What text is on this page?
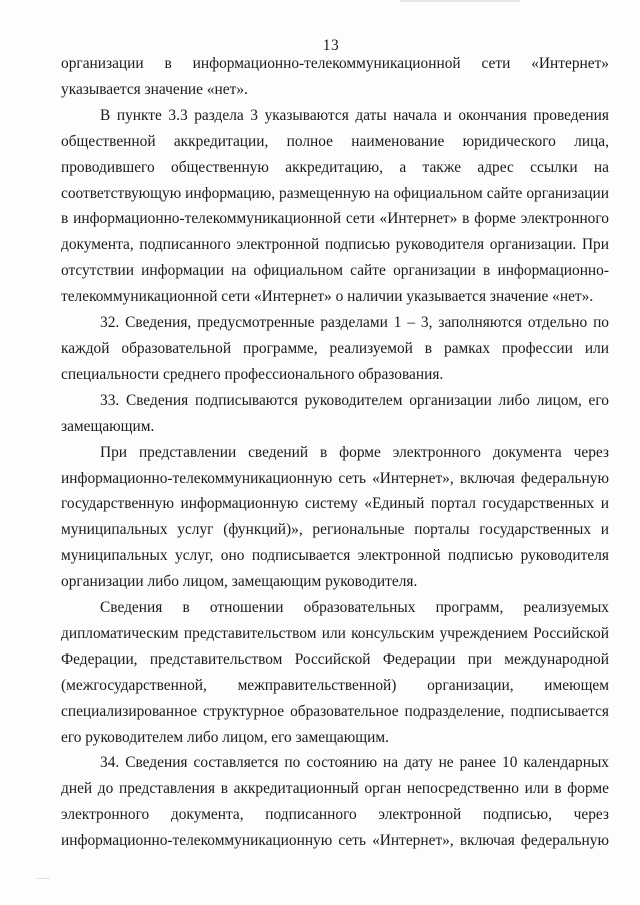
13

организации в информационно-телекоммуникационной сети «Интернет» указывается значение «нет».

В пункте 3.3 раздела 3 указываются даты начала и окончания проведения общественной аккредитации, полное наименование юридического лица, проводившего общественную аккредитацию, а также адрес ссылки на соответствующую информацию, размещенную на официальном сайте организации в информационно-телекоммуникационной сети «Интернет» в форме электронного документа, подписанного электронной подписью руководителя организации. При отсутствии информации на официальном сайте организации в информационно-телекоммуникационной сети «Интернет» о наличии указывается значение «нет».

32. Сведения, предусмотренные разделами 1 – 3, заполняются отдельно по каждой образовательной программе, реализуемой в рамках профессии или специальности среднего профессионального образования.

33. Сведения подписываются руководителем организации либо лицом, его замещающим.

При представлении сведений в форме электронного документа через информационно-телекоммуникационную сеть «Интернет», включая федеральную государственную информационную систему «Единый портал государственных и муниципальных услуг (функций)», региональные порталы государственных и муниципальных услуг, оно подписывается электронной подписью руководителя организации либо лицом, замещающим руководителя.

Сведения в отношении образовательных программ, реализуемых дипломатическим представительством или консульским учреждением Российской Федерации, представительством Российской Федерации при международной (межгосударственной, межправительственной) организации, имеющем специализированное структурное образовательное подразделение, подписывается его руководителем либо лицом, его замещающим.

34. Сведения составляется по состоянию на дату не ранее 10 календарных дней до представления в аккредитационный орган непосредственно или в форме электронного документа, подписанного электронной подписью, через информационно-телекоммуникационную сеть «Интернет», включая федеральную
